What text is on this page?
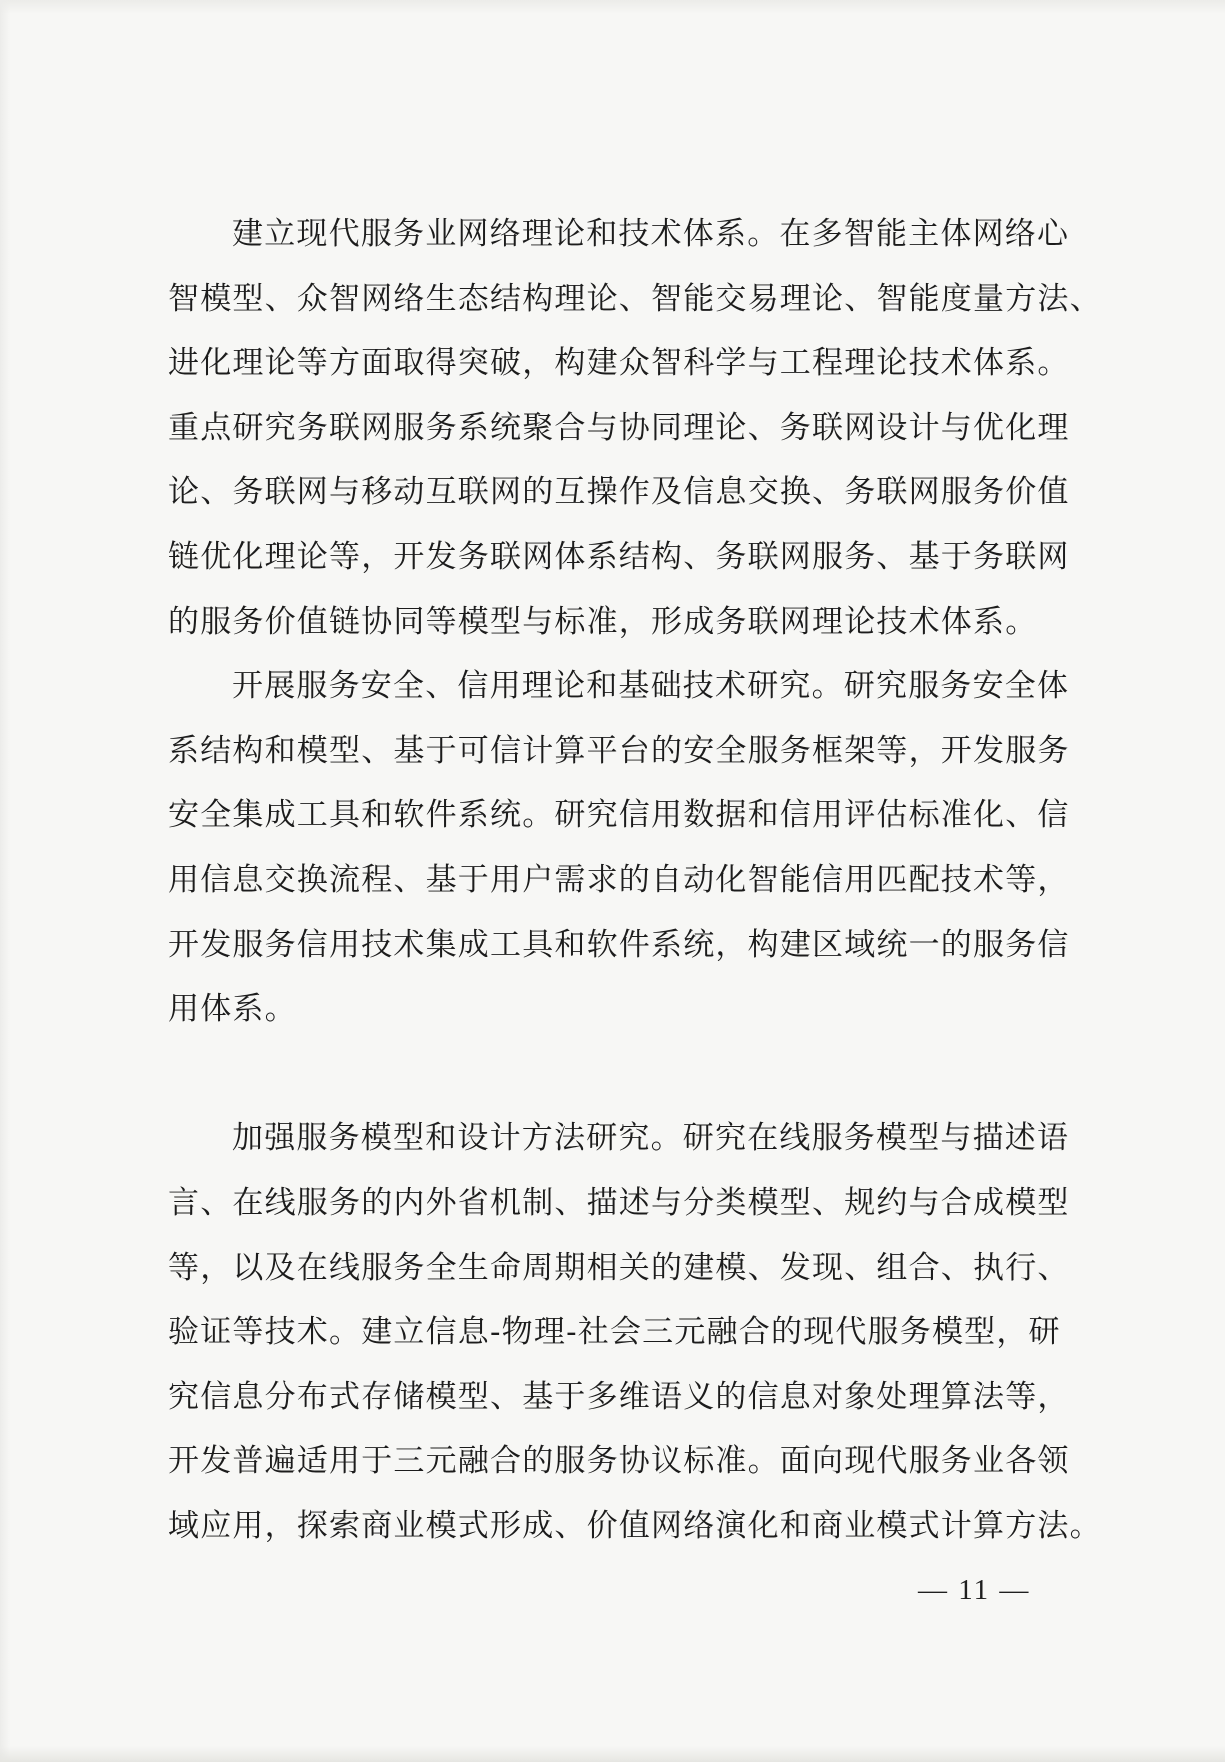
建立现代服务业网络理论和技术体系。在多智能主体网络心
智模型、众智网络生态结构理论、智能交易理论、智能度量方法、
进化理论等方面取得突破，构建众智科学与工程理论技术体系。
重点研究务联网服务系统聚合与协同理论、务联网设计与优化理
论、务联网与移动互联网的互操作及信息交换、务联网服务价值
链优化理论等，开发务联网体系结构、务联网服务、基于务联网
的服务价值链协同等模型与标准，形成务联网理论技术体系。
开展服务安全、信用理论和基础技术研究。研究服务安全体
系结构和模型、基于可信计算平台的安全服务框架等，开发服务
安全集成工具和软件系统。研究信用数据和信用评估标准化、信
用信息交换流程、基于用户需求的自动化智能信用匹配技术等，
开发服务信用技术集成工具和软件系统，构建区域统一的服务信
用体系。
加强服务模型和设计方法研究。研究在线服务模型与描述语
言、在线服务的内外省机制、描述与分类模型、规约与合成模型
等，以及在线服务全生命周期相关的建模、发现、组合、执行、
验证等技术。建立信息-物理-社会三元融合的现代服务模型，研
究信息分布式存储模型、基于多维语义的信息对象处理算法等，
开发普遍适用于三元融合的服务协议标准。面向现代服务业各领
域应用，探索商业模式形成、价值网络演化和商业模式计算方法。
— 11 —
